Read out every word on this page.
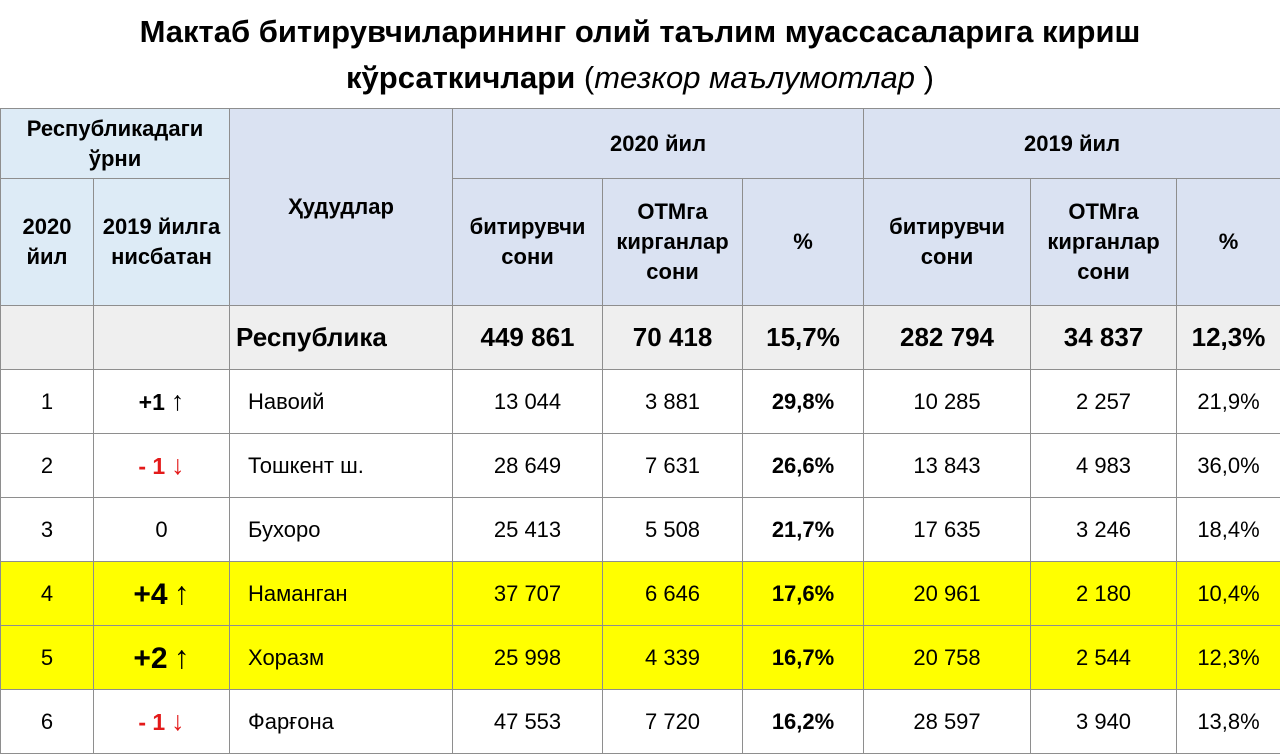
Мактаб битирувчиларининг олий таълим муассасаларига кириш
кўрсаткичлари (тезкор маълумотлар )
Республикадаги ўрни		Ҳудудлар	2020 йил			2019 йил		
2020 йил	2019 йилга нисбатан		битирувчи сони	ОТМга кирганлар сони	%	битирувчи сони	ОТМга кирганлар сони	%
		Республика	449 861	70 418	15,7%	282 794	34 837	12,3%
1	+1 ↑	Навоий	13 044	3 881	29,8%	10 285	2 257	21,9%
2	- 1 ↓	Тошкент ш.	28 649	7 631	26,6%	13 843	4 983	36,0%
3	0	Бухоро	25 413	5 508	21,7%	17 635	3 246	18,4%
4	+4 ↑	Наманган	37 707	6 646	17,6%	20 961	2 180	10,4%
5	+2 ↑	Хоразм	25 998	4 339	16,7%	20 758	2 544	12,3%
6	- 1 ↓	Фарғона	47 553	7 720	16,2%	28 597	3 940	13,8%
